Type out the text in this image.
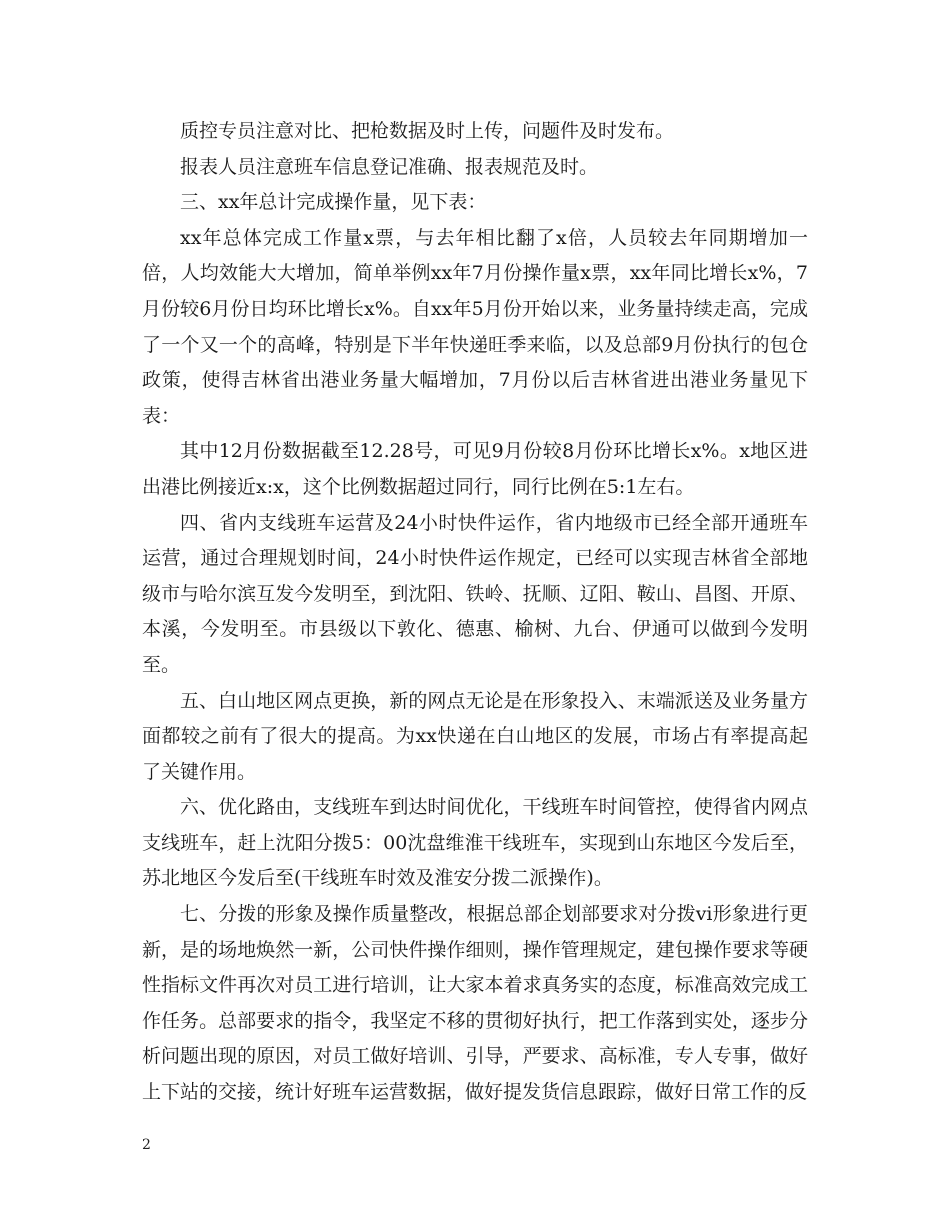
质控专员注意对比、把枪数据及时上传，问题件及时发布。

报表人员注意班车信息登记准确、报表规范及时。

三、xx年总计完成操作量，见下表：

xx年总体完成工作量x票，与去年相比翻了x倍，人员较去年同期增加一倍，人均效能大大增加，简单举例xx年7月份操作量x票，xx年同比增长x%，7月份较6月份日均环比增长x%。自xx年5月份开始以来，业务量持续走高，完成了一个又一个的高峰，特别是下半年快递旺季来临，以及总部9月份执行的包仓政策，使得吉林省出港业务量大幅增加，7月份以后吉林省进出港业务量见下表：

其中12月份数据截至12.28号，可见9月份较8月份环比增长x%。x地区进出港比例接近x:x，这个比例数据超过同行，同行比例在5:1左右。

四、省内支线班车运营及24小时快件运作，省内地级市已经全部开通班车运营，通过合理规划时间，24小时快件运作规定，已经可以实现吉林省全部地级市与哈尔滨互发今发明至，到沈阳、铁岭、抚顺、辽阳、鞍山、昌图、开原、本溪，今发明至。市县级以下敦化、德惠、榆树、九台、伊通可以做到今发明至。

五、白山地区网点更换，新的网点无论是在形象投入、末端派送及业务量方面都较之前有了很大的提高。为xx快递在白山地区的发展，市场占有率提高起了关键作用。

六、优化路由，支线班车到达时间优化，干线班车时间管控，使得省内网点支线班车，赶上沈阳分拨5：00沈盘维淮干线班车，实现到山东地区今发后至，苏北地区今发后至(干线班车时效及淮安分拨二派操作)。

七、分拨的形象及操作质量整改，根据总部企划部要求对分拨vi形象进行更新，是的场地焕然一新，公司快件操作细则，操作管理规定，建包操作要求等硬性指标文件再次对员工进行培训，让大家本着求真务实的态度，标准高效完成工作任务。总部要求的指令，我坚定不移的贯彻好执行，把工作落到实处，逐步分析问题出现的原因，对员工做好培训、引导，严要求、高标准，专人专事，做好上下站的交接，统计好班车运营数据，做好提发货信息跟踪，做好日常工作的反

2
